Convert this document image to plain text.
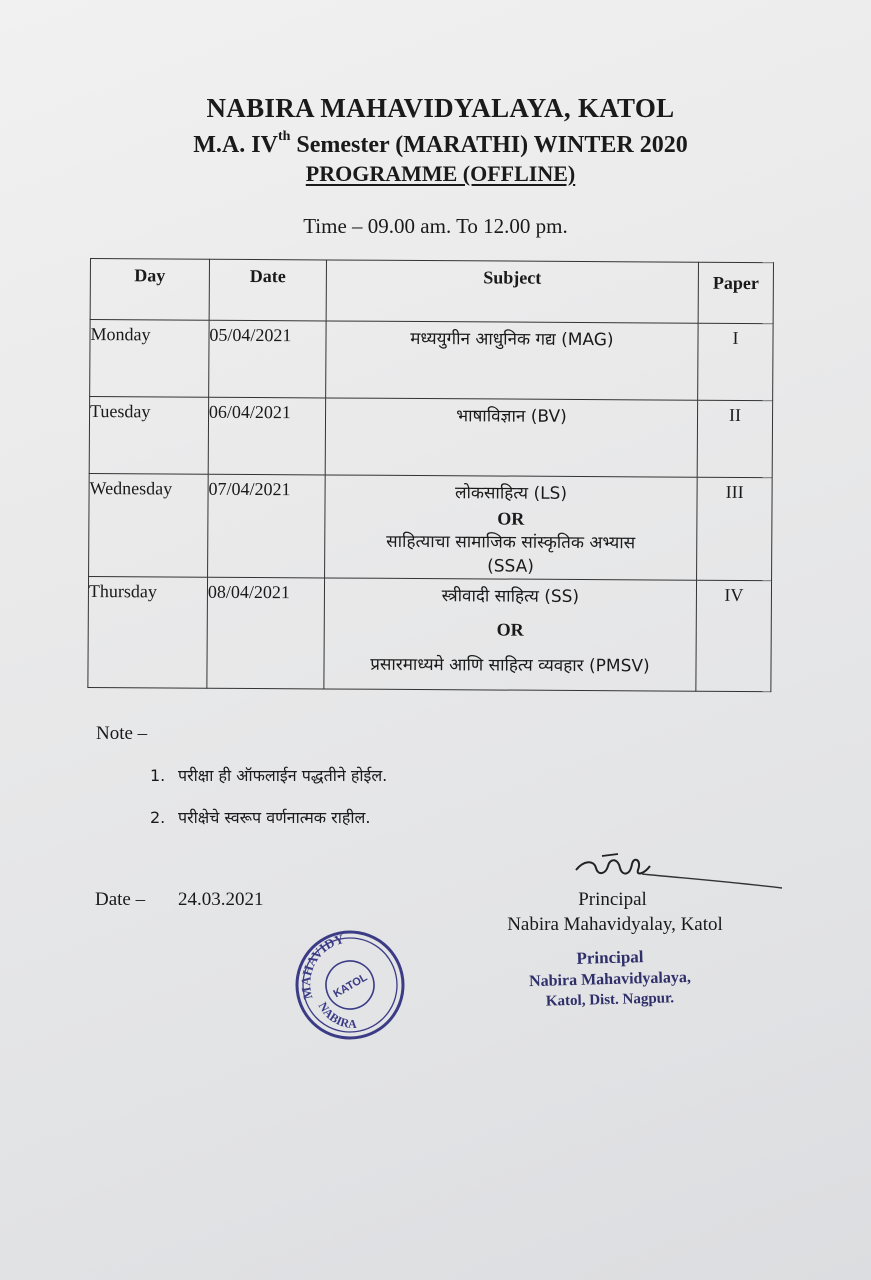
NABIRA MAHAVIDYALAYA, KATOL
M.A. IVth Semester (MARATHI) WINTER 2020
PROGRAMME (OFFLINE)
Time – 09.00 am. To 12.00 pm.
Day	Date	Subject	Paper
Monday	05/04/2021	मध्ययुगीन आधुनिक गद्य (MAG)	I
Tuesday	06/04/2021	भाषाविज्ञान (BV)	II
Wednesday	07/04/2021	लोकसाहित्य (LS)
OR
साहित्याचा सामाजिक सांस्कृतिक अभ्यास
(SSA)	III
Thursday	08/04/2021	स्त्रीवादी साहित्य (SS)
OR
प्रसारमाध्यमे आणि साहित्य व्यवहार (PMSV)	IV
Note –
1. परीक्षा ही ऑफलाईन पद्धतीने होईल.
2. परीक्षेचे स्वरूप वर्णनात्मक राहील.
Date – 24.03.2021	Principal
Nabira Mahavidyalay, Katol
Principal
Nabira Mahavidyalaya,
Katol, Dist. Nagpur.
MAHAVIDY
NABIRA
KATOL
